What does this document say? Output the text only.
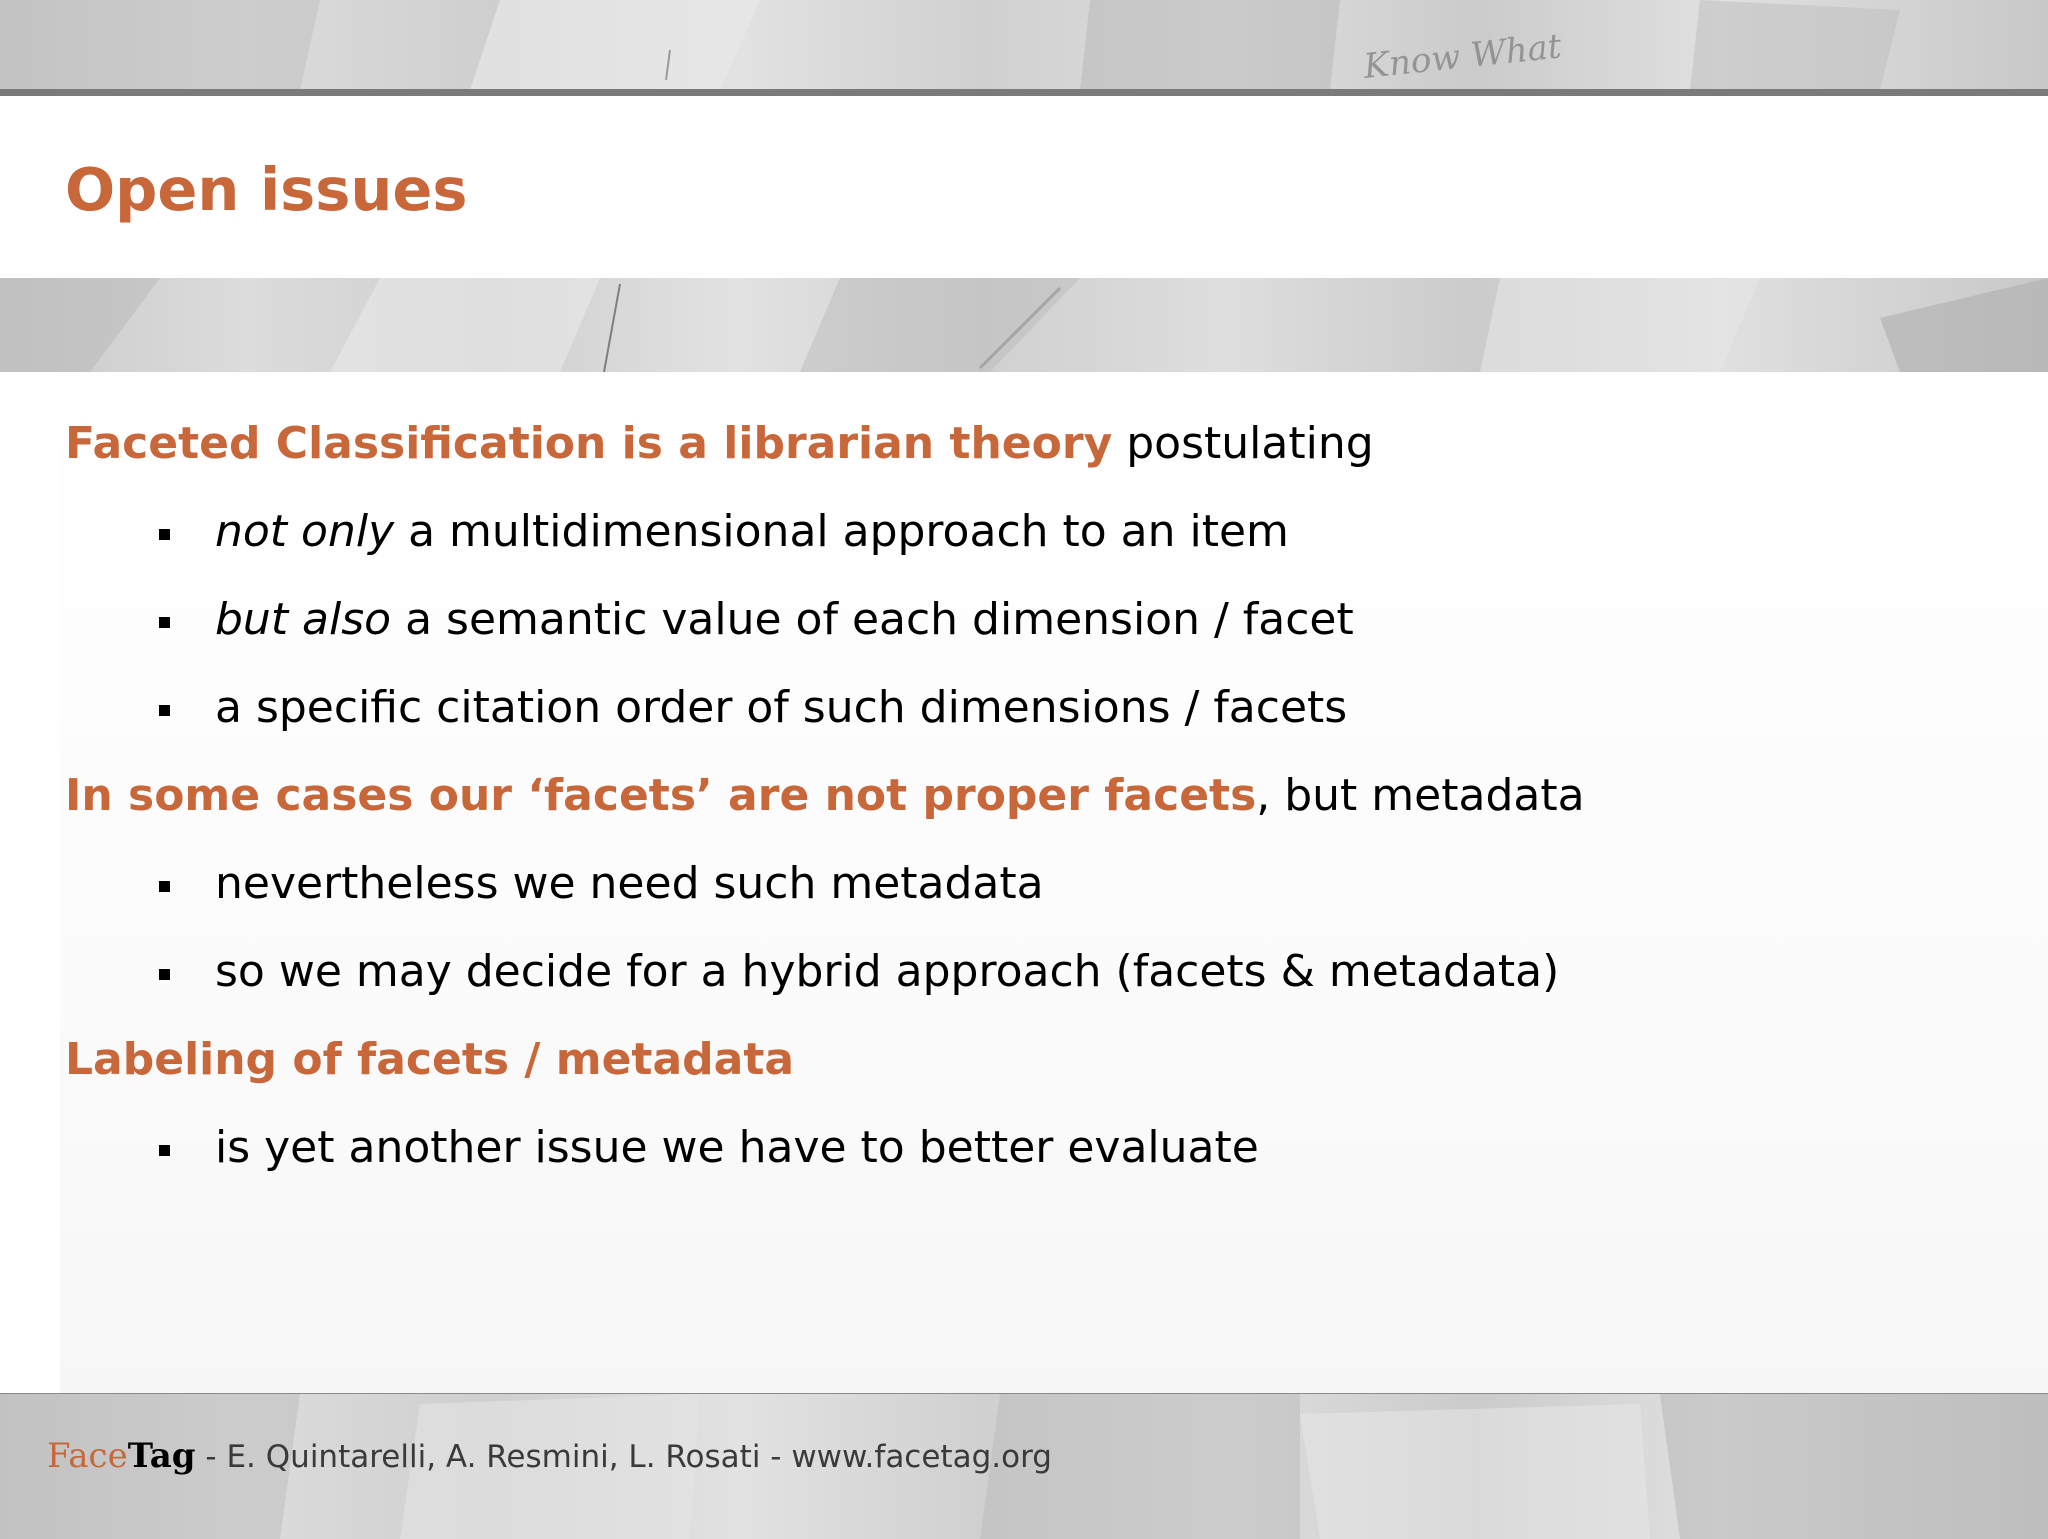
Know What
Open issues
Faceted Classification is a librarian theory postulating
not only a multidimensional approach to an item
but also a semantic value of each dimension / facet
a specific citation order of such dimensions / facets
In some cases our ‘facets’ are not proper facets, but metadata
nevertheless we need such metadata
so we may decide for a hybrid approach (facets & metadata)
Labeling of facets / metadata
is yet another issue we have to better evaluate
FaceTag - E. Quintarelli, A. Resmini, L. Rosati - www.facetag.org
